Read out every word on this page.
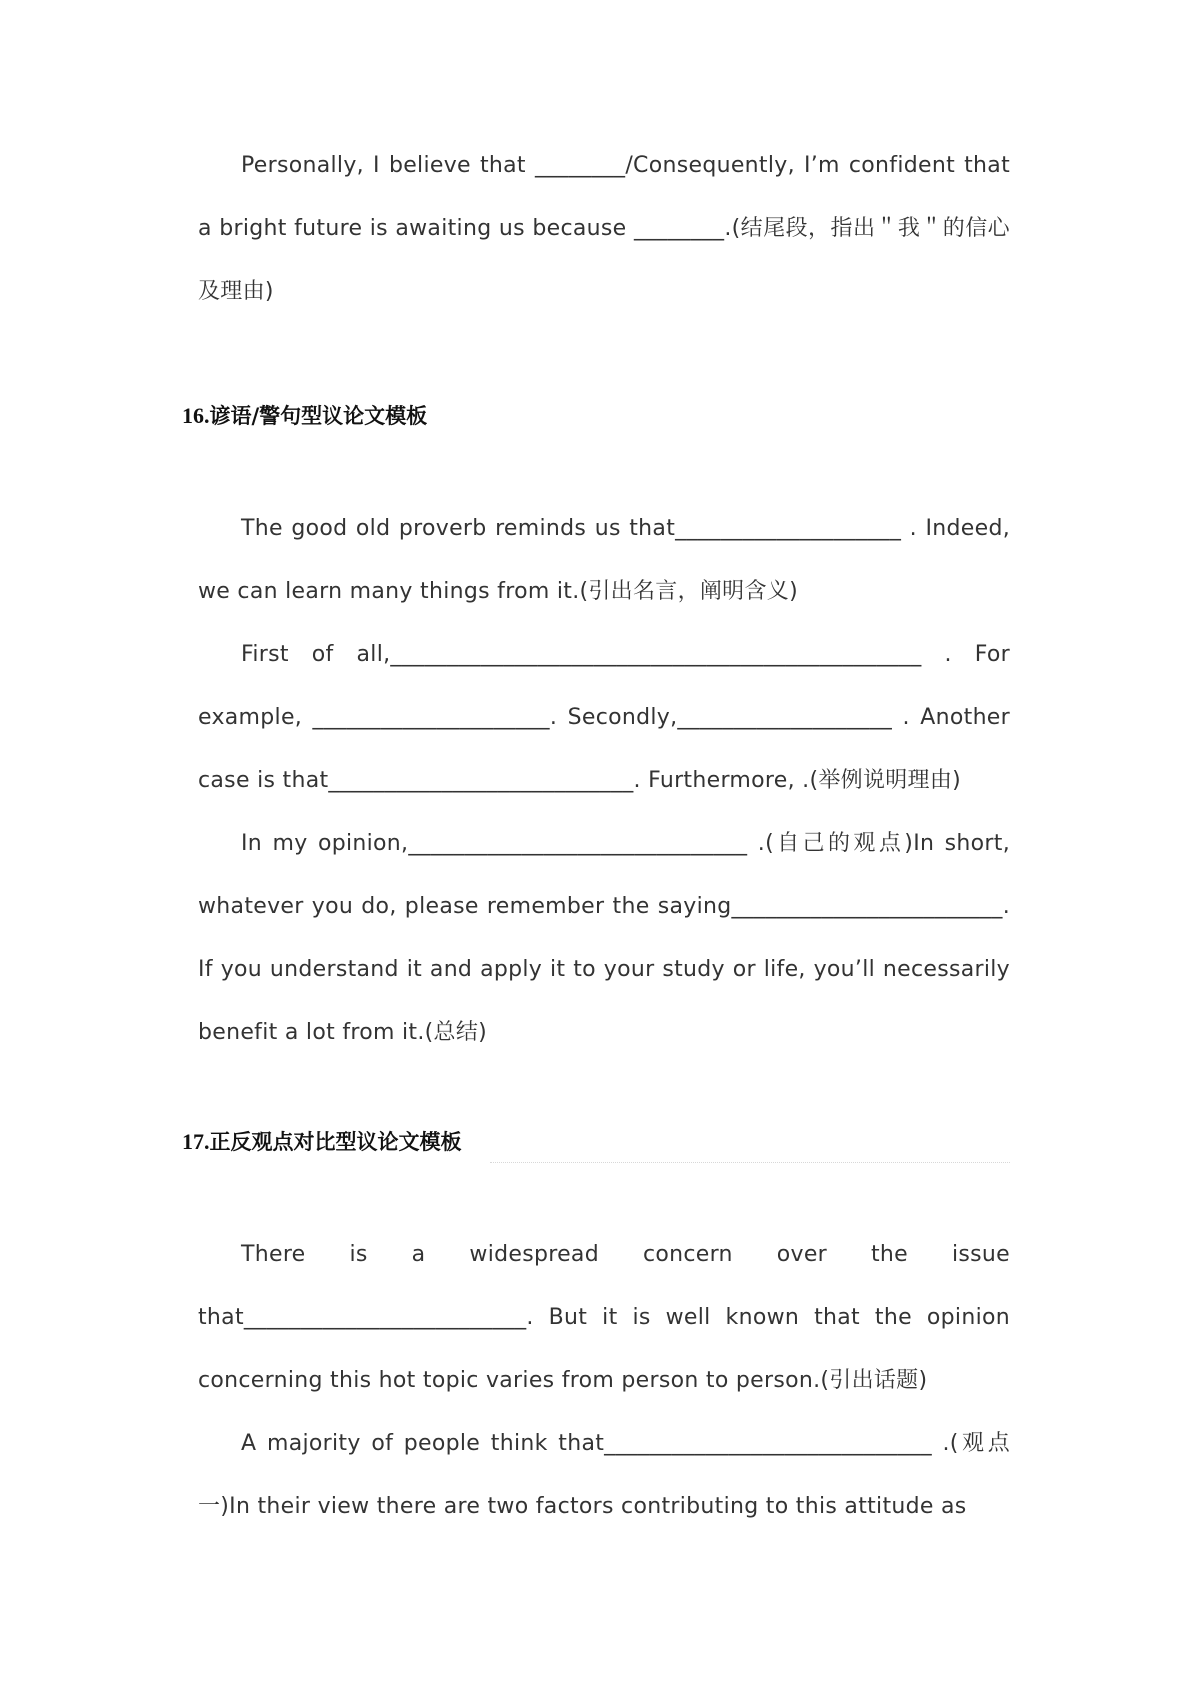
Personally, I believe that ________/Consequently, I’m confident that a bright future is awaiting us because ________.(结尾段，指出＂我＂的信心及理由)

16.谚语/警句型议论文模板

The good old proverb reminds us that____________________ . Indeed, we can learn many things from it.(引出名言，阐明含义)

First of all,_______________________________________________ . For example, _____________________. Secondly,___________________ . Another case is that___________________________. Furthermore, .(举例说明理由)

In my opinion,______________________________ .(自己的观点)In short, whatever you do, please remember the saying________________________. If you understand it and apply it to your study or life, you’ll necessarily benefit a lot from it.(总结)

17.正反观点对比型议论文模板

There is a widespread concern over the issue that_________________________. But it is well known that the opinion concerning this hot topic varies from person to person.(引出话题)

A majority of people think that_____________________________ .(观点一)In their view there are two factors contributing to this attitude as
